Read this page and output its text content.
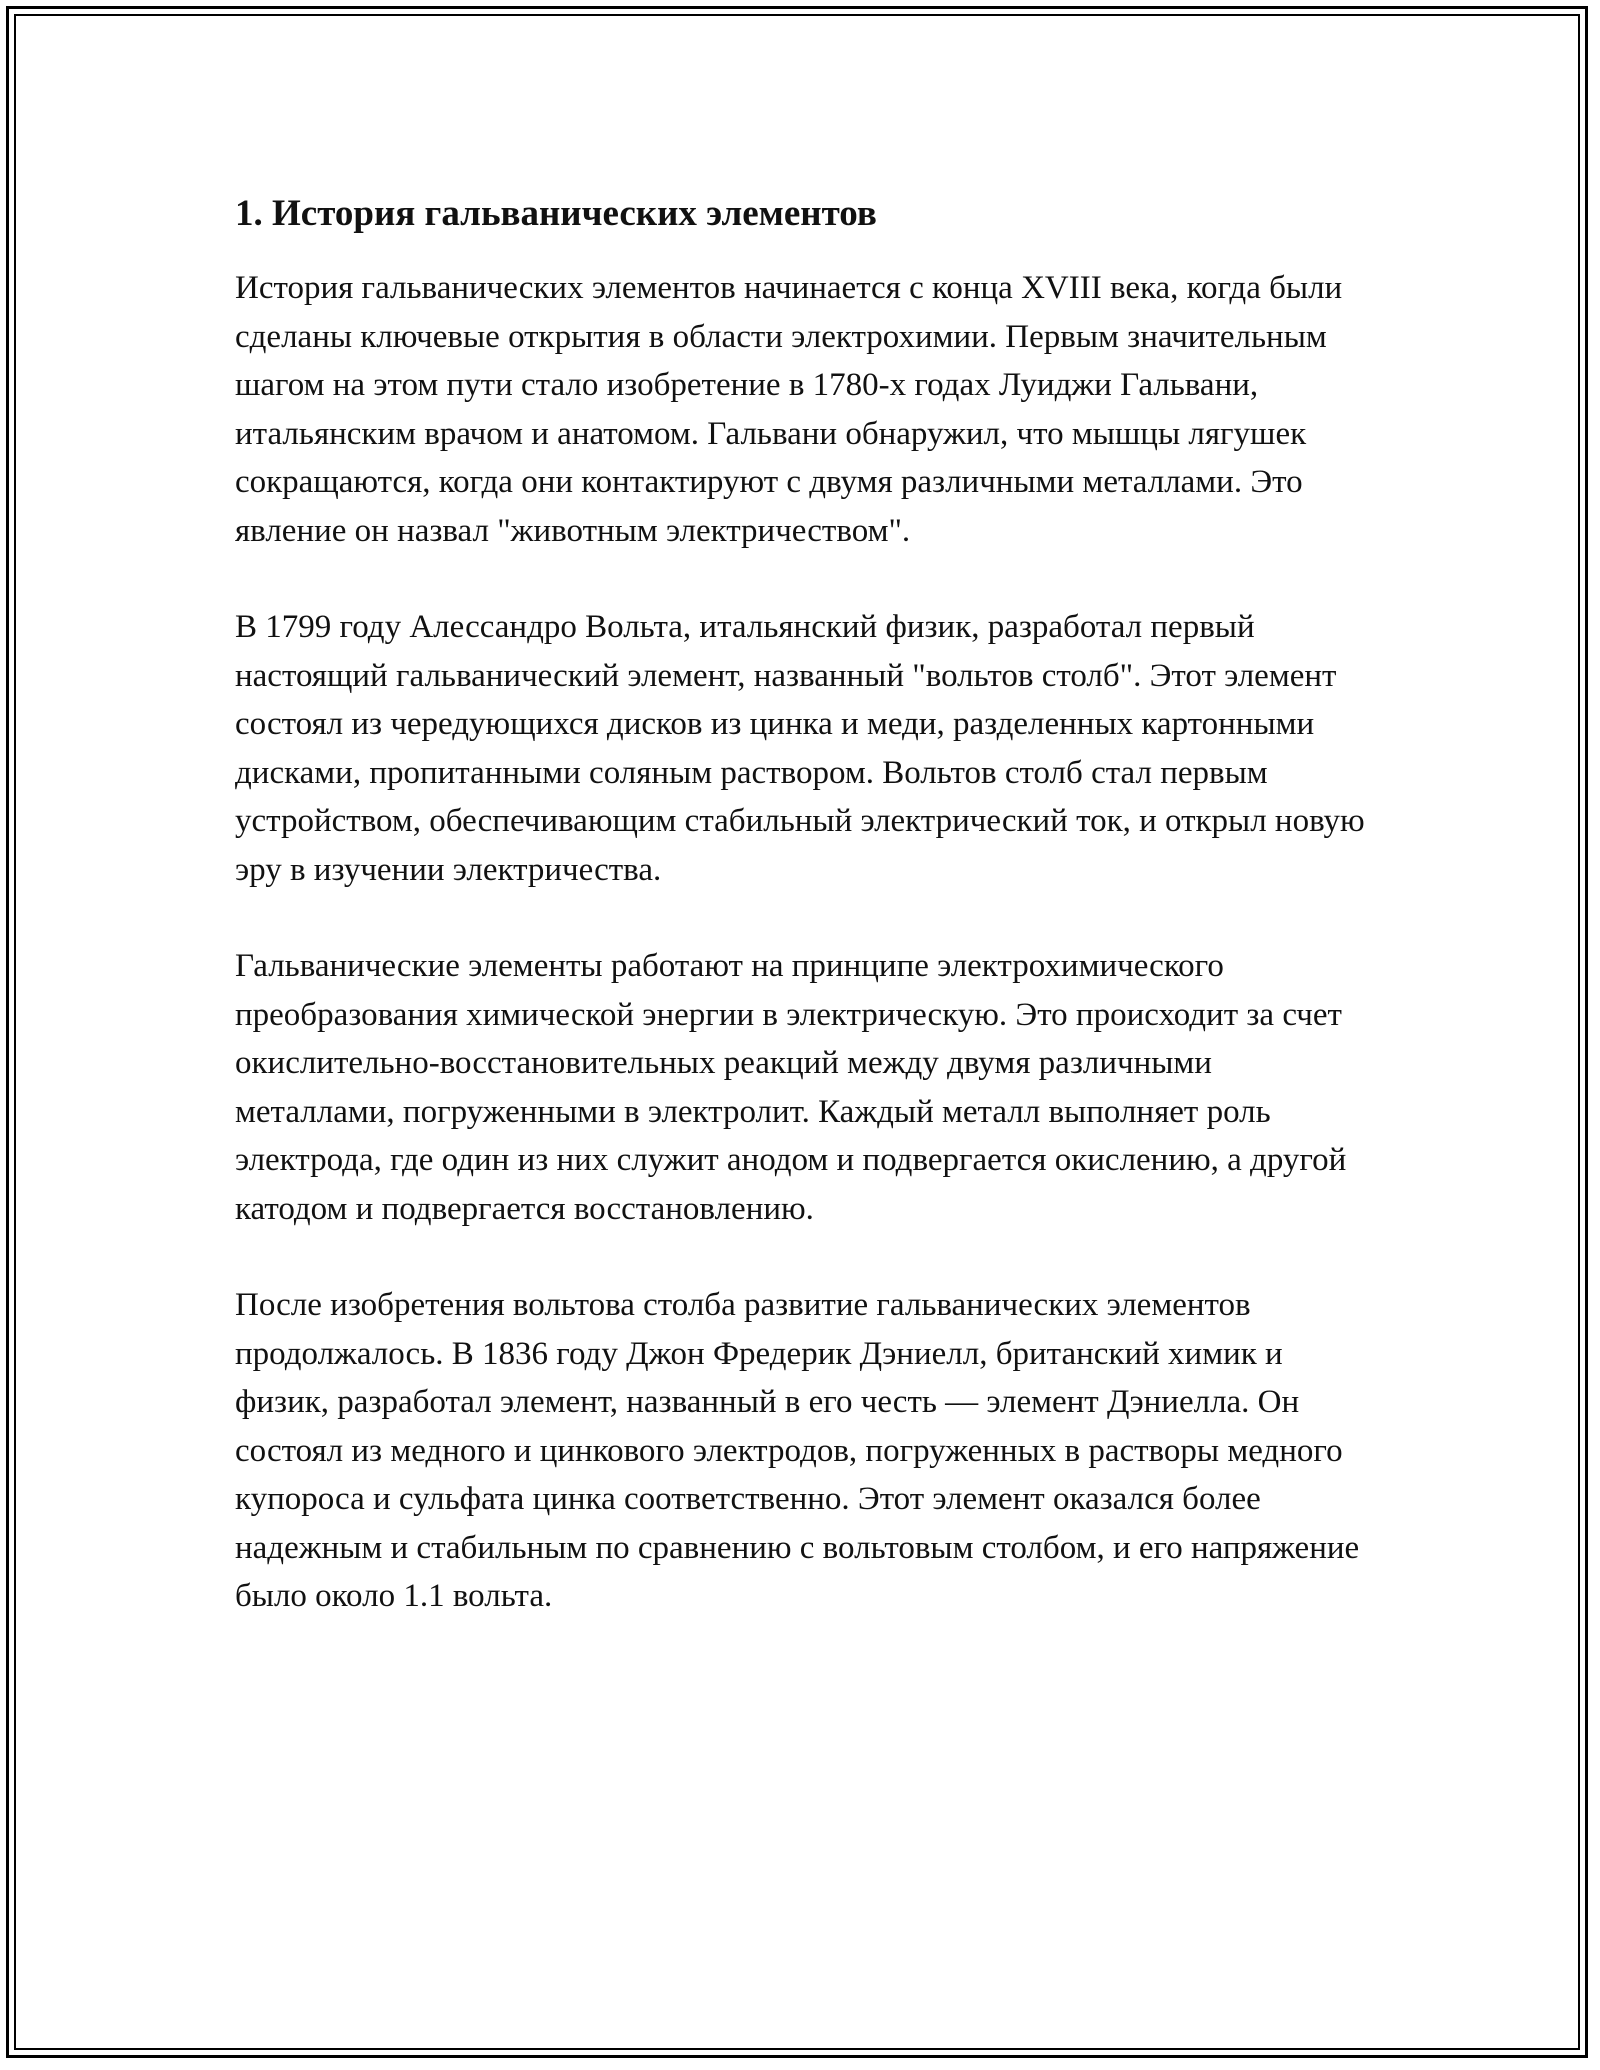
1. История гальванических элементов

История гальванических элементов начинается с конца XVIII века, когда были сделаны ключевые открытия в области электрохимии. Первым значительным шагом на этом пути стало изобретение в 1780-х годах Луиджи Гальвани, итальянским врачом и анатомом. Гальвани обнаружил, что мышцы лягушек сокращаются, когда они контактируют с двумя различными металлами. Это явление он назвал "животным электричеством".

В 1799 году Алессандро Вольта, итальянский физик, разработал первый настоящий гальванический элемент, названный "вольтов столб". Этот элемент состоял из чередующихся дисков из цинка и меди, разделенных картонными дисками, пропитанными соляным раствором. Вольтов столб стал первым устройством, обеспечивающим стабильный электрический ток, и открыл новую эру в изучении электричества.

Гальванические элементы работают на принципе электрохимического преобразования химической энергии в электрическую. Это происходит за счет окислительно-восстановительных реакций между двумя различными металлами, погруженными в электролит. Каждый металл выполняет роль электрода, где один из них служит анодом и подвергается окислению, а другой катодом и подвергается восстановлению.

После изобретения вольтова столба развитие гальванических элементов продолжалось. В 1836 году Джон Фредерик Дэниелл, британский химик и физик, разработал элемент, названный в его честь — элемент Дэниелла. Он состоял из медного и цинкового электродов, погруженных в растворы медного купороса и сульфата цинка соответственно. Этот элемент оказался более надежным и стабильным по сравнению с вольтовым столбом, и его напряжение было около 1.1 вольта.
